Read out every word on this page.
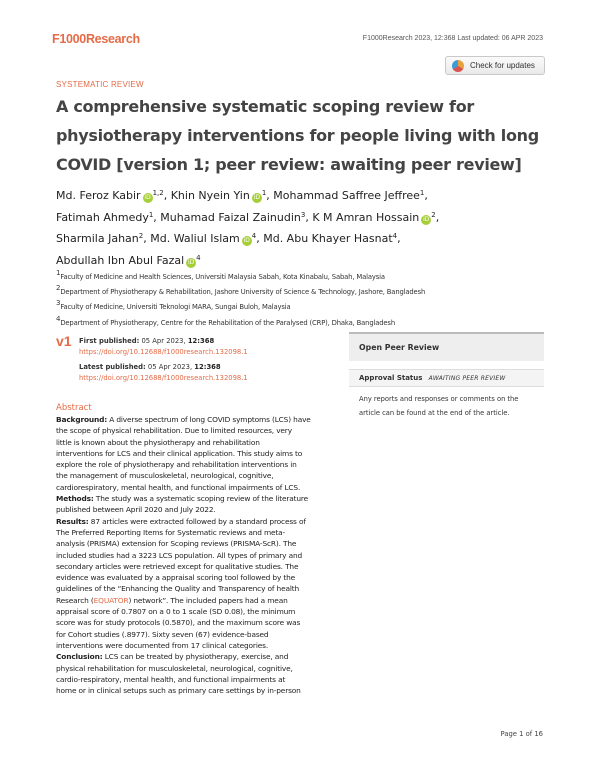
F1000Research	F1000Research 2023, 12:368 Last updated: 06 APR 2023
Check for updates
SYSTEMATIC REVIEW
A comprehensive systematic scoping review for
physiotherapy interventions for people living with long
COVID [version 1; peer review: awaiting peer review]
Md. Feroz Kabir iD$^{1,2}$, Khin Nyein Yin $iD^1$, Mohammad Saffree Jeffree$^1$,
Fatimah Ahmedy$^1$, Muhamad Faizal Zainudin$^3$, K M Amran Hossain $iD^2$,
Sharmila Jahan$^2$, Md. Waliul Islam $iD^4$, Md. Abu Khayer Hasnat$^4$,
Abdullah Ibn Abul Fazal $iD^4$
1Faculty of Medicine and Health Sciences, Universiti Malaysia Sabah, Kota Kinabalu, Sabah, Malaysia
2Department of Physiotherapy & Rehabilitation, Jashore University of Science & Technology, Jashore, Bangladesh
3Faculty of Medicine, Universiti Teknologi MARA, Sungai Buloh, Malaysia
4Department of Physiotherapy, Centre for the Rehabilitation of the Paralysed (CRP), Dhaka, Bangladesh
v1 First published: 05 Apr 2023, 12:368
https://doi.org/10.12688/f1000research.132098.1
Latest published: 05 Apr 2023, 12:368
https://doi.org/10.12688/f1000research.132098.1
Open Peer Review
Approval Status AWAITING PEER REVIEW
Any reports and responses or comments on the
article can be found at the end of the article.
Abstract
Background: A diverse spectrum of long COVID symptoms (LCS) have
the scope of physical rehabilitation. Due to limited resources, very
little is known about the physiotherapy and rehabilitation
interventions for LCS and their clinical application. This study aims to
explore the role of physiotherapy and rehabilitation interventions in
the management of musculoskeletal, neurological, cognitive,
cardiorespiratory, mental health, and functional impairments of LCS.
Methods: The study was a systematic scoping review of the literature
published between April 2020 and July 2022.
Results: 87 articles were extracted followed by a standard process of
The Preferred Reporting Items for Systematic reviews and meta-
analysis (PRISMA) extension for Scoping reviews (PRISMA-ScR). The
included studies had a 3223 LCS population. All types of primary and
secondary articles were retrieved except for qualitative studies. The
evidence was evaluated by a appraisal scoring tool followed by the
guidelines of the “Enhancing the Quality and Transparency of health
Research (EQUATOR) network”. The included papers had a mean
appraisal score of 0.7807 on a 0 to 1 scale (SD 0.08), the minimum
score was for study protocols (0.5870), and the maximum score was
for Cohort studies (.8977). Sixty seven (67) evidence-based
interventions were documented from 17 clinical categories.
Conclusion: LCS can be treated by physiotherapy, exercise, and
physical rehabilitation for musculoskeletal, neurological, cognitive,
cardio-respiratory, mental health, and functional impairments at
home or in clinical setups such as primary care settings by in-person
Page 1 of 16
